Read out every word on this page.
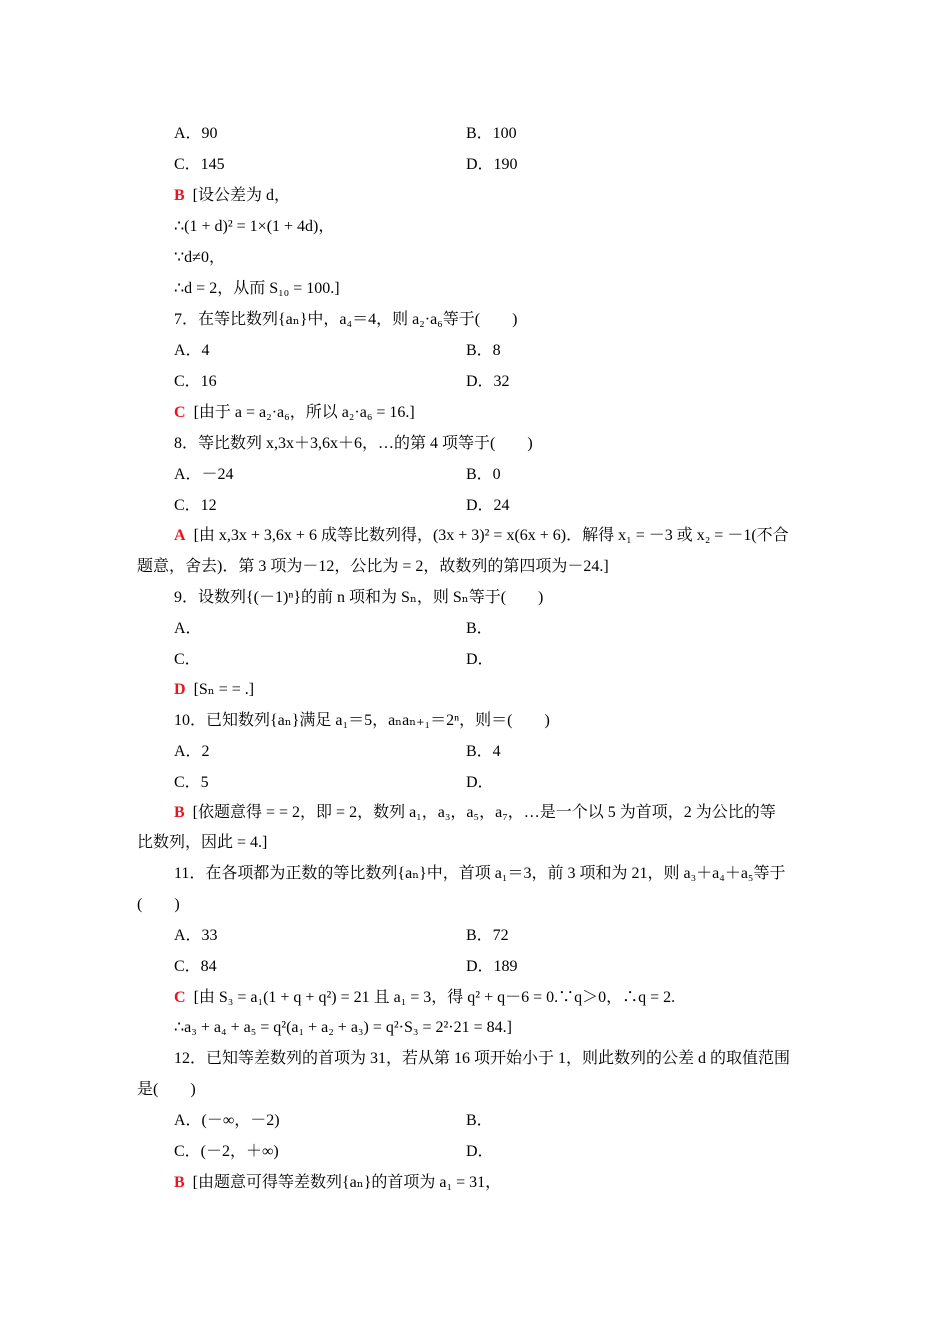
A．90	B．100
C．145	D．190
B [设公差为 d，
∴(1 + d)² = 1×(1 + 4d)，
∵d≠0，
∴d = 2，从而 S₁₀ = 100.]
7．在等比数列{aₙ}中，a₄＝4，则 a₂·a₆等于(　　)
A．4	B．8
C．16	D．32
C [由于 a = a₂·a₆，所以 a₂·a₆ = 16.]
8．等比数列 x,3x＋3,6x＋6，…的第 4 项等于(　　)
A．－24	B．0
C．12	D．24
A [由 x,3x + 3,6x + 6 成等比数列得，(3x + 3)² = x(6x + 6)．解得 x₁ = －3 或 x₂ = －1(不合
题意，舍去)．第 3 项为－12，公比为 = 2，故数列的第四项为－24.]
9．设数列{(－1)ⁿ}的前 n 项和为 Sₙ，则 Sₙ等于(　　)
A．	B．
C．	D．
D [Sₙ = = .]
10．已知数列{aₙ}满足 a₁＝5，aₙaₙ₊₁＝2ⁿ，则＝(　　)
A．2	B．4
C．5	D．
B [依题意得 = = 2，即 = 2，数列 a₁，a₃，a₅，a₇，…是一个以 5 为首项，2 为公比的等
比数列，因此 = 4.]
11．在各项都为正数的等比数列{aₙ}中，首项 a₁＝3，前 3 项和为 21，则 a₃＋a₄＋a₅等于
(　　)
A．33	B．72
C．84	D．189
C [由 S₃ = a₁(1 + q + q²) = 21 且 a₁ = 3，得 q² + q－6 = 0.∵q＞0，∴q = 2.
∴a₃ + a₄ + a₅ = q²(a₁ + a₂ + a₃) = q²·S₃ = 2²·21 = 84.]
12．已知等差数列的首项为 31，若从第 16 项开始小于 1，则此数列的公差 d 的取值范围
是(　　)
A．(－∞，－2)	B．
C．(－2，＋∞)	D．
B [由题意可得等差数列{aₙ}的首项为 a₁ = 31，
